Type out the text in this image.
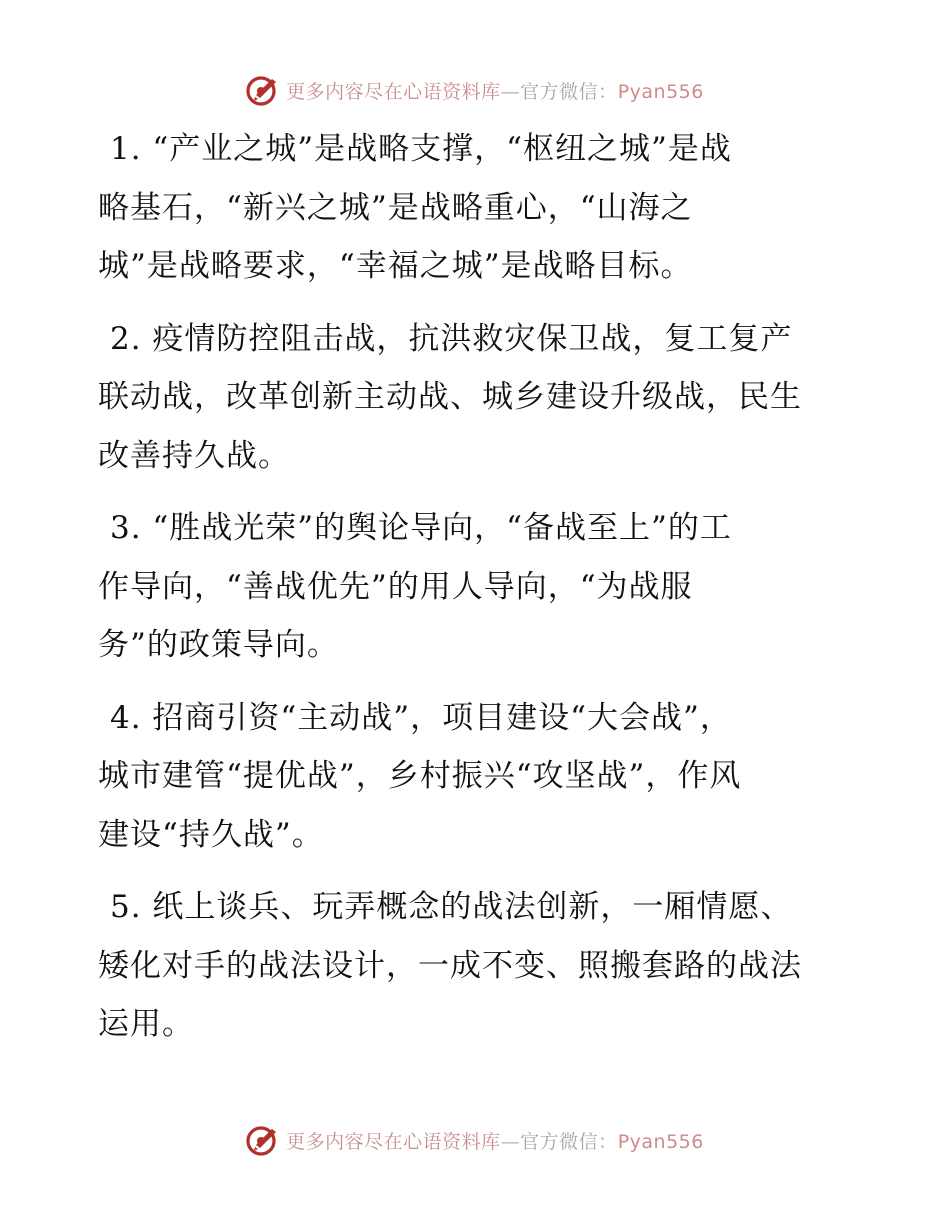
更多内容尽在心语资料库—官方微信：Pyan556

1. “产业之城”是战略支撑，“枢纽之城”是战
略基石，“新兴之城”是战略重心，“山海之
城”是战略要求，“幸福之城”是战略目标。

2. 疫情防控阻击战，抗洪救灾保卫战，复工复产
联动战，改革创新主动战、城乡建设升级战，民生
改善持久战。

3. “胜战光荣”的舆论导向，“备战至上”的工
作导向，“善战优先”的用人导向，“为战服
务”的政策导向。

4. 招商引资“主动战”，项目建设“大会战”，
城市建管“提优战”，乡村振兴“攻坚战”，作风
建设“持久战”。

5. 纸上谈兵、玩弄概念的战法创新，一厢情愿、
矮化对手的战法设计，一成不变、照搬套路的战法
运用。

更多内容尽在心语资料库—官方微信：Pyan556
